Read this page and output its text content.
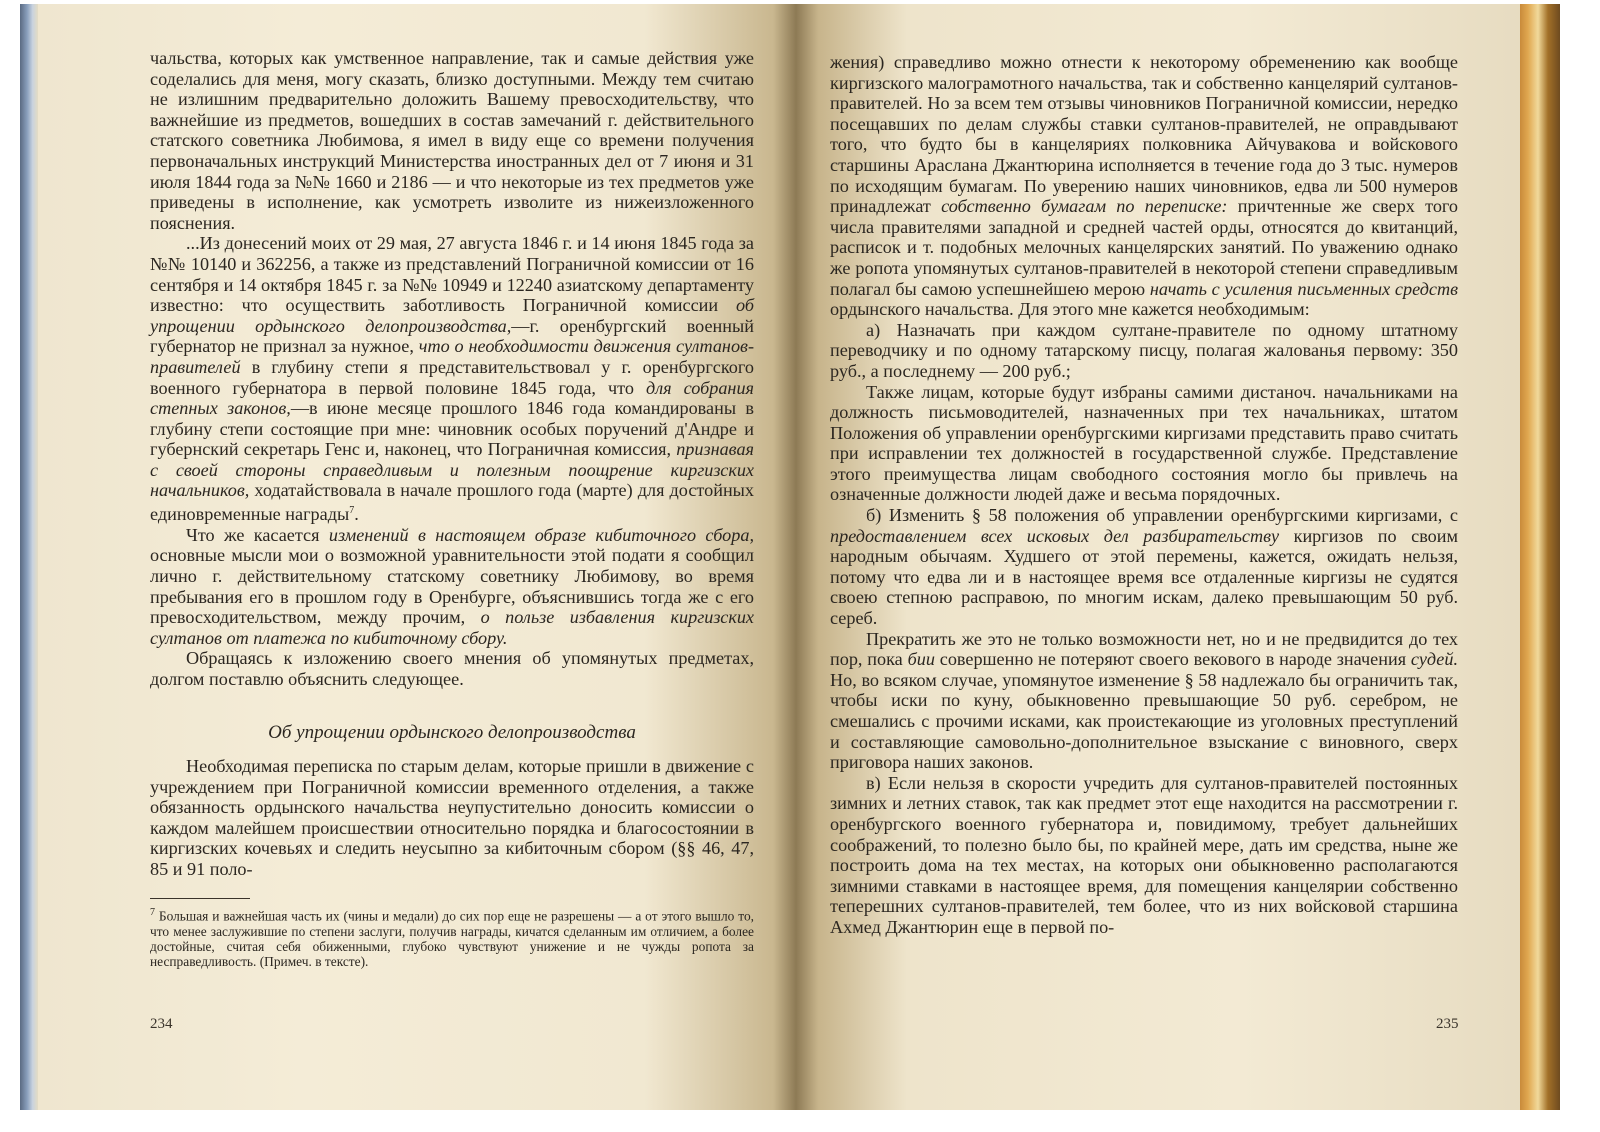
чальства, которых как умственное направление, так и самые действия уже соделались для меня, могу сказать, близко доступными. Между тем считаю не излишним предварительно доложить Вашему превосходительству, что важнейшие из предметов, вошедших в состав замечаний г. действительного статского советника Любимова, я имел в виду еще со времени получения первоначальных инструкций Министерства иностранных дел от 7 июня и 31 июля 1844 года за №№ 1660 и 2186 — и что некоторые из тех предметов уже приведены в исполнение, как усмотреть изволите из нижеизложенного пояснения.

...Из донесений моих от 29 мая, 27 августа 1846 г. и 14 июня 1845 года за №№ 10140 и 362256, а также из представлений Пограничной комиссии от 16 сентября и 14 октября 1845 г. за №№ 10949 и 12240 азиатскому департаменту известно: что осуществить заботливость Пограничной комиссии об упрощении ордынского делопроизводства,—г. оренбургский военный губернатор не признал за нужное, что о необходимости движения султанов-правителей в глубину степи я представительствовал у г. оренбургского военного губернатора в первой половине 1845 года, что для собрания степных законов,—в июне месяце прошлого 1846 года командированы в глубину степи состоящие при мне: чиновник особых поручений д'Андре и губернский секретарь Генс и, наконец, что Пограничная комиссия, признавая с своей стороны справедливым и полезным поощрение киргизских начальников, ходатайствовала в начале прошлого года (марте) для достойных единовременные награды$^7$.

Что же касается изменений в настоящем образе кибиточного сбора, основные мысли мои о возможной уравнительности этой подати я сообщил лично г. действительному статскому советнику Любимову, во время пребывания его в прошлом году в Оренбурге, объяснившись тогда же с его превосходительством, между прочим, о пользе избавления киргизских султанов от платежа по кибиточному сбору.

Обращаясь к изложению своего мнения об упомянутых предметах, долгом поставлю объяснить следующее.

Об упрощении ордынского делопроизводства

Необходимая переписка по старым делам, которые пришли в движение с учреждением при Пограничной комиссии временного отделения, а также обязанность ордынского начальства неупустительно доносить комиссии о каждом малейшем происшествии относительно порядка и благосостоянии в киргизских кочевьях и следить неусыпно за кибиточным сбором (§§ 46, 47, 85 и 91 поло-

$^7$ Большая и важнейшая часть их (чины и медали) до сих пор еще не разрешены — а от этого вышло то, что менее заслужившие по степени заслуги, получив награды, кичатся сделанным им отличием, а более достойные, считая себя обиженными, глубоко чувствуют унижение и не чужды ропота за несправедливость. (Примеч. в тексте).
234

жения) справедливо можно отнести к некоторому обременению как вообще киргизского малограмотного начальства, так и собственно канцелярий султанов-правителей. Но за всем тем отзывы чиновников Пограничной комиссии, нередко посещавших по делам службы ставки султанов-правителей, не оправдывают того, что будто бы в канцеляриях полковника Айчувакова и войскового старшины Араслана Джантюрина исполняется в течение года до 3 тыс. нумеров по исходящим бумагам. По уверению наших чиновников, едва ли 500 нумеров принадлежат собственно бумагам по переписке: причтенные же сверх того числа правителями западной и средней частей орды, относятся до квитанций, расписок и т. подобных мелочных канцелярских занятий. По уважению однако же ропота упомянутых султанов-правителей в некоторой степени справедливым полагал бы самою успешнейшею мерою начать с усиления письменных средств ордынского начальства. Для этого мне кажется необходимым:

а) Назначать при каждом султане-правителе по одному штатному переводчику и по одному татарскому писцу, полагая жалованья первому: 350 руб., а последнему — 200 руб.;

Также лицам, которые будут избраны самими дистаноч. начальниками на должность письмоводителей, назначенных при тех начальниках, штатом Положения об управлении оренбургскими киргизами представить право считать при исправлении тех должностей в государственной службе. Представление этого преимущества лицам свободного состояния могло бы привлечь на означенные должности людей даже и весьма порядочных.

б) Изменить § 58 положения об управлении оренбургскими киргизами, с предоставлением всех исковых дел разбирательству киргизов по своим народным обычаям. Худшего от этой перемены, кажется, ожидать нельзя, потому что едва ли и в настоящее время все отдаленные киргизы не судятся своею степною расправою, по многим искам, далеко превышающим 50 руб. сереб.

Прекратить же это не только возможности нет, но и не предвидится до тех пор, пока бии совершенно не потеряют своего векового в народе значения судей. Но, во всяком случае, упомянутое изменение § 58 надлежало бы ограничить так, чтобы иски по куну, обыкновенно превышающие 50 руб. серебром, не смешались с прочими исками, как проистекающие из уголовных преступлений и составляющие самовольно-дополнительное взыскание с виновного, сверх приговора наших законов.

в) Если нельзя в скорости учредить для султанов-правителей постоянных зимних и летних ставок, так как предмет этот еще находится на рассмотрении г. оренбургского военного губернатора и, повидимому, требует дальнейших соображений, то полезно было бы, по крайней мере, дать им средства, ныне же построить дома на тех местах, на которых они обыкновенно располагаются зимними ставками в настоящее время, для помещения канцелярии собственно теперешних султанов-правителей, тем более, что из них войсковой старшина Ахмед Джантюрин еще в первой по-

235
